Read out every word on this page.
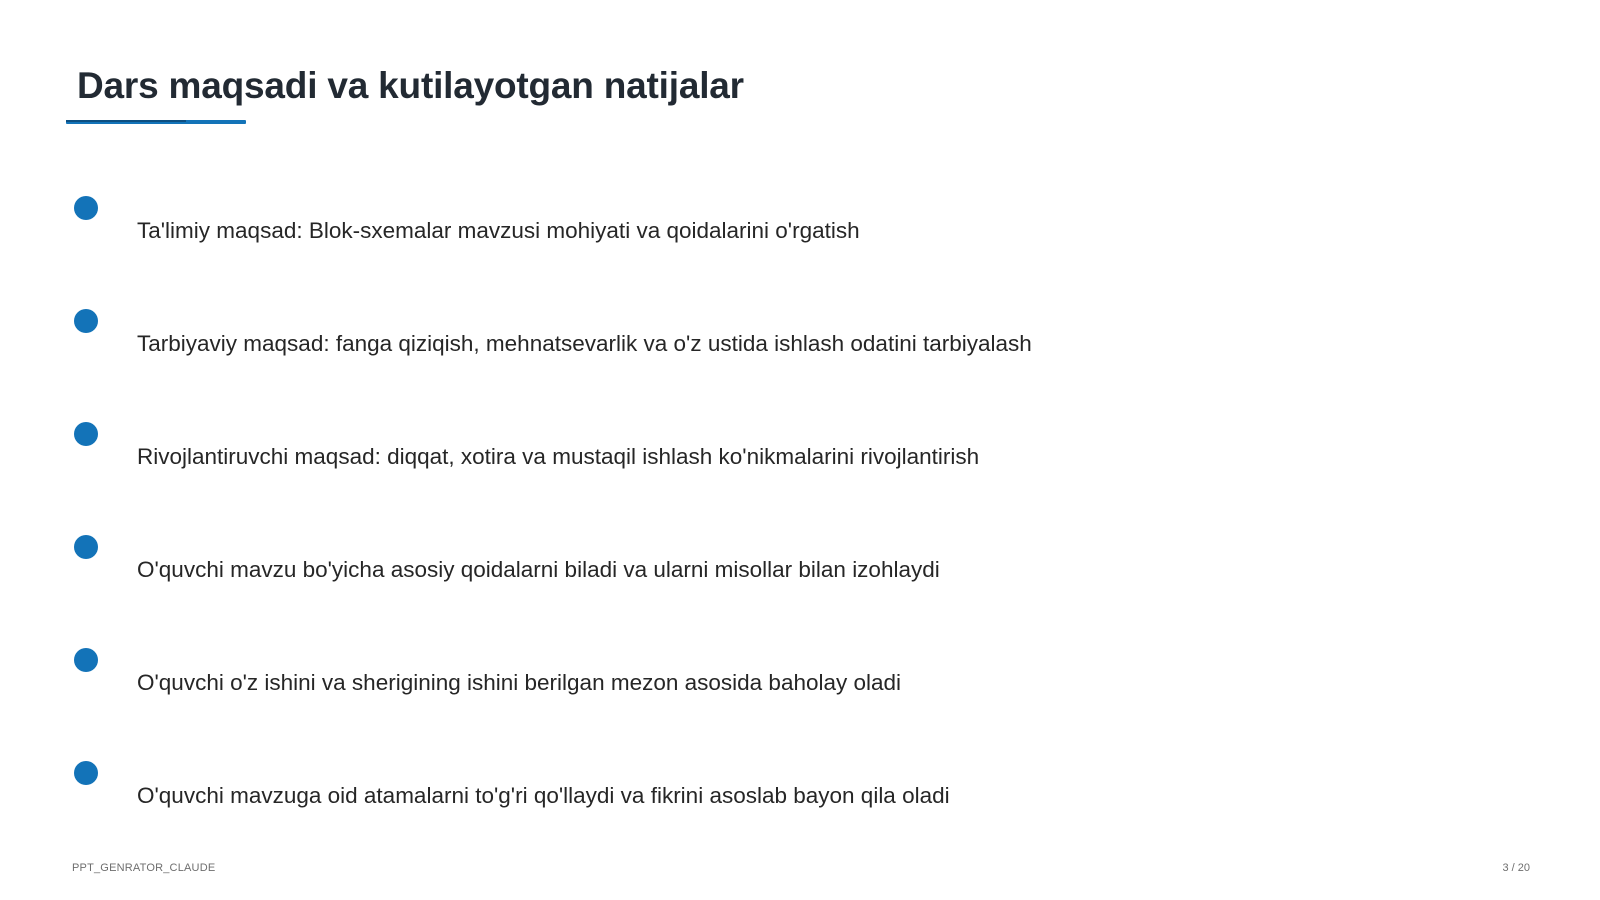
Dars maqsadi va kutilayotgan natijalar
Ta'limiy maqsad: Blok-sxemalar mavzusi mohiyati va qoidalarini o'rgatish
Tarbiyaviy maqsad: fanga qiziqish, mehnatsevarlik va o'z ustida ishlash odatini tarbiyalash
Rivojlantiruvchi maqsad: diqqat, xotira va mustaqil ishlash ko'nikmalarini rivojlantirish
O'quvchi mavzu bo'yicha asosiy qoidalarni biladi va ularni misollar bilan izohlaydi
O'quvchi o'z ishini va sherigining ishini berilgan mezon asosida baholay oladi
O'quvchi mavzuga oid atamalarni to'g'ri qo'llaydi va fikrini asoslab bayon qila oladi
PPT_GENRATOR_CLAUDE	3 / 20
